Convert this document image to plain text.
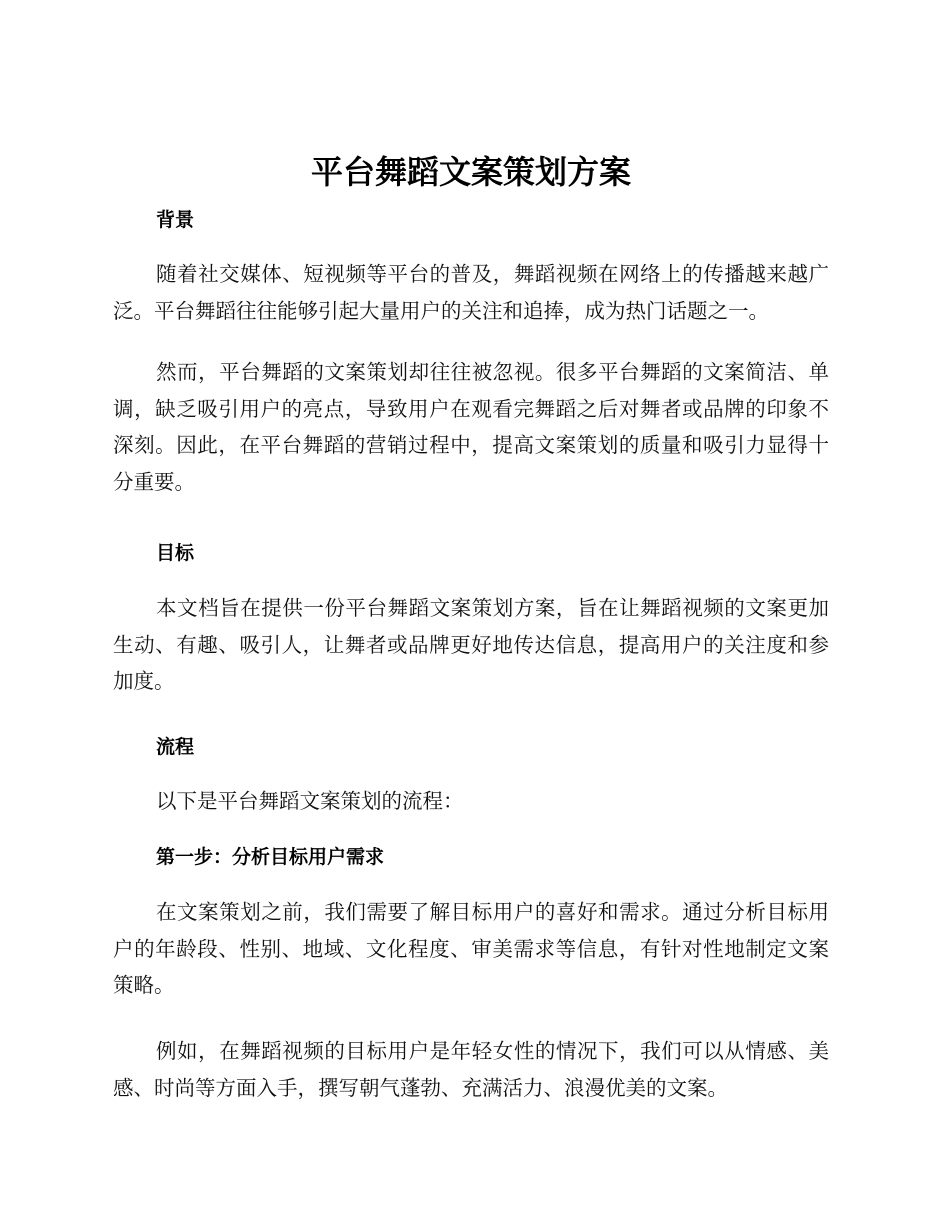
平台舞蹈文案策划方案
背景

随着社交媒体、短视频等平台的普及，舞蹈视频在网络上的传播越来越广泛。平台舞蹈往往能够引起大量用户的关注和追捧，成为热门话题之一。

然而，平台舞蹈的文案策划却往往被忽视。很多平台舞蹈的文案简洁、单调，缺乏吸引用户的亮点，导致用户在观看完舞蹈之后对舞者或品牌的印象不深刻。因此，在平台舞蹈的营销过程中，提高文案策划的质量和吸引力显得十分重要。

目标

本文档旨在提供一份平台舞蹈文案策划方案，旨在让舞蹈视频的文案更加生动、有趣、吸引人，让舞者或品牌更好地传达信息，提高用户的关注度和参加度。

流程

以下是平台舞蹈文案策划的流程：

第一步：分析目标用户需求

在文案策划之前，我们需要了解目标用户的喜好和需求。通过分析目标用户的年龄段、性别、地域、文化程度、审美需求等信息，有针对性地制定文案策略。

例如，在舞蹈视频的目标用户是年轻女性的情况下，我们可以从情感、美感、时尚等方面入手，撰写朝气蓬勃、充满活力、浪漫优美的文案。
